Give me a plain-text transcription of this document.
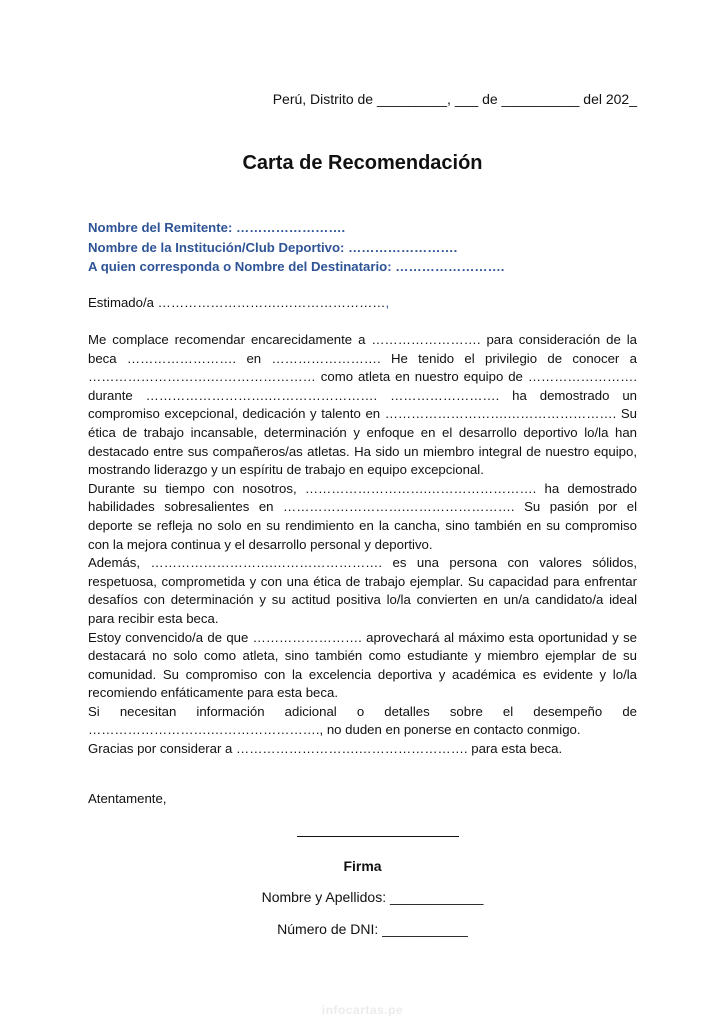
Perú, Distrito de _________, ___ de __________ del 202_
Carta de Recomendación
Nombre del Remitente: …………………….
Nombre de la Institución/Club Deportivo: …………………….
A quien corresponda o Nombre del Destinatario: …………………….
Estimado/a ……………………….……………………,

Me complace recomendar encarecidamente a ……………………. para consideración de la beca ……………………. en ……………………. He tenido el privilegio de conocer a ……………………….…………………… como atleta en nuestro equipo de ……………………. durante ……………………….……………………. ……………………. ha demostrado un compromiso excepcional, dedicación y talento en ……………………….……………………. Su ética de trabajo incansable, determinación y enfoque en el desarrollo deportivo lo/la han destacado entre sus compañeros/as atletas. Ha sido un miembro integral de nuestro equipo, mostrando liderazgo y un espíritu de trabajo en equipo excepcional.

Durante su tiempo con nosotros, ……………………….……………………. ha demostrado habilidades sobresalientes en ……………………….……………………. Su pasión por el deporte se refleja no solo en su rendimiento en la cancha, sino también en su compromiso con la mejora continua y el desarrollo personal y deportivo.

Además, ……………………….……………………. es una persona con valores sólidos, respetuosa, comprometida y con una ética de trabajo ejemplar. Su capacidad para enfrentar desafíos con determinación y su actitud positiva lo/la convierten en un/a candidato/a ideal para recibir esta beca.

Estoy convencido/a de que ……………………. aprovechará al máximo esta oportunidad y se destacará no solo como atleta, sino también como estudiante y miembro ejemplar de su comunidad. Su compromiso con la excelencia deportiva y académica es evidente y lo/la recomiendo enfáticamente para esta beca.

Si necesitan información adicional o detalles sobre el desempeño de ……………………….……………………., no duden en ponerse en contacto conmigo.

Gracias por considerar a ……………………….……………………. para esta beca.

Atentamente,
Firma
Nombre y Apellidos: ____________
Número de DNI: ___________
infocartas.pe
